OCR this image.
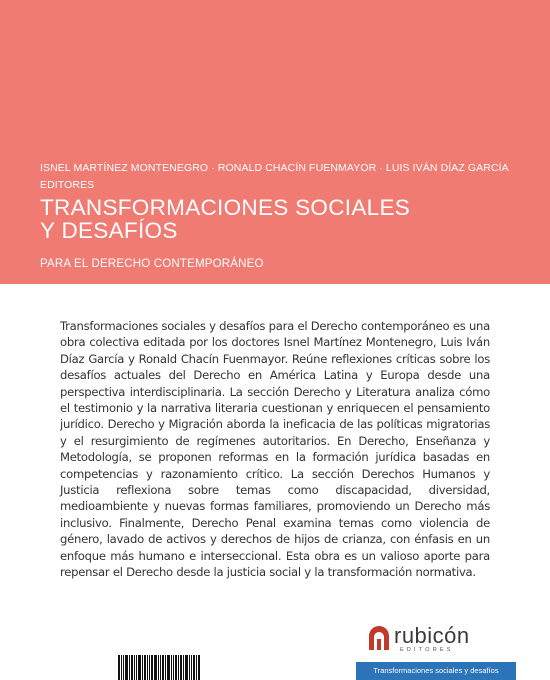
ISNEL MARTÍNEZ MONTENEGRO · RONALD CHACÍN FUENMAYOR · LUIS IVÁN DÍAZ GARCÍA
EDITORES
TRANSFORMACIONES SOCIALES
Y DESAFÍOS
PARA EL DERECHO CONTEMPORÁNEO
Transformaciones sociales y desafíos para el Derecho contemporáneo es una obra colectiva editada por los doctores Isnel Martínez Montenegro, Luis Iván Díaz García y Ronald Chacín Fuenmayor. Reúne reflexiones críticas sobre los desafíos actuales del Derecho en América Latina y Europa desde una perspectiva interdisciplinaria. La sección Derecho y Literatura analiza cómo el testimonio y la narrativa literaria cuestionan y enriquecen el pensamiento jurídico. Derecho y Migración aborda la ineficacia de las políticas migratorias y el resurgimiento de regímenes autoritarios. En Derecho, Enseñanza y Metodología, se proponen reformas en la formación jurídica basadas en competencias y razonamiento crítico. La sección Derechos Humanos y Justicia reflexiona sobre temas como discapacidad, diversidad, medioambiente y nuevas formas familiares, promoviendo un Derecho más inclusivo. Finalmente, Derecho Penal examina temas como violencia de género, lavado de activos y derechos de hijos de crianza, con énfasis en un enfoque más humano e interseccional. Esta obra es un valioso aporte para repensar el Derecho desde la justicia social y la transformación normativa.
rubicón
EDITORES
Transformaciones sociales y desafíos
